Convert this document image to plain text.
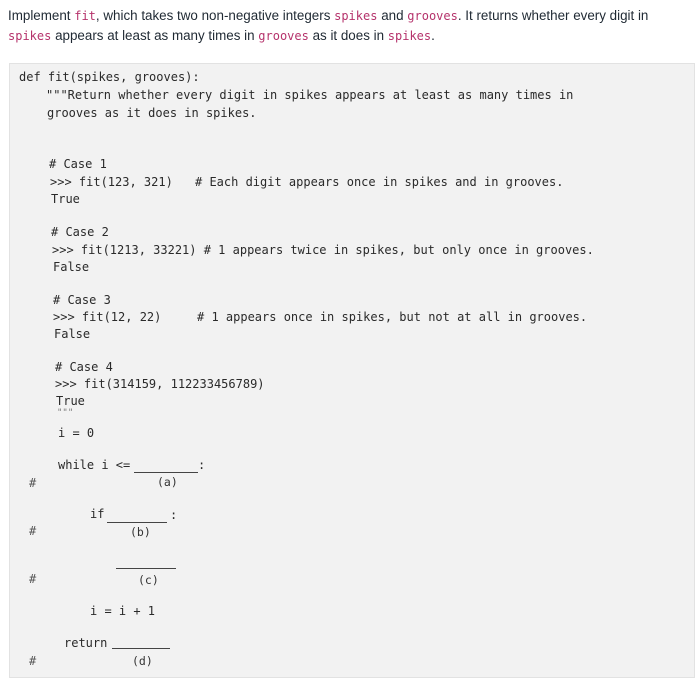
Implement fit, which takes two non-negative integers spikes and grooves. It returns whether every digit in
spikes appears at least as many times in grooves as it does in spikes.
def fit(spikes, grooves):
"""Return whether every digit in spikes appears at least as many times in
grooves as it does in spikes.
# Case 1
>>> fit(123, 321) # Each digit appears once in spikes and in grooves.
True
# Case 2
>>> fit(1213, 33221) # 1 appears twice in spikes, but only once in grooves.
False
# Case 3
>>> fit(12, 22)	# 1 appears once in spikes, but not at all in grooves.
False
# Case 4
>>> fit(314159, 112233456789)
True
"""
i = 0
while i <=	:
(a)
#
if	:
(b)
#
(c)
#
i = i + 1
return
(d)
#
